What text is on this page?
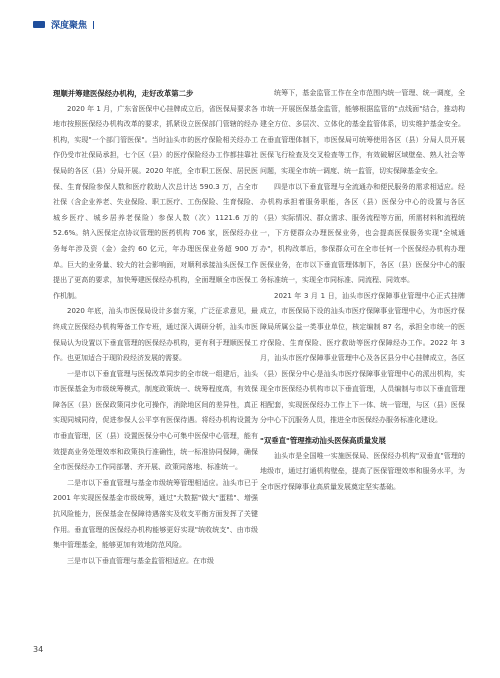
深度聚焦

理顺并筹建医保经办机构，走好改革第二步

2020 年 1 月，广东省医保中心挂牌成立后，省医保局要求各地市按照医保经办机构改革的要求，抓紧设立医保部门管辖的经办机构，实现"一个部门管医保"。当时汕头市的医疗保险相关经办工作仍受市社保局承担，七个区（县）的医疗保险经办工作都挂靠社保局的各区（县）分局开展。2020 年底，全市职工医保、居民医保、生育保险参保人数和医疗救助人次总计达 590.3 万，占全市社保（含企业养老、失业保险、职工医疗、工伤保险、生育保险、城乡医疗、城乡居养老保险）参保人数（次）1121.6 万的 52.6%。纳入医保定点协议管理的医药机构 706 家，医保经办业务每年涉及资（金）金约 60 亿元，年办理医保业务超 900 万单。巨大的业务量、较大的社会影响面，对顺利承接汕头医保工作提出了更高的要求，加快筹建医保经办机构，全面理顺全市医保工作机制。

2020 年底，汕头市医保局设计多套方案，广泛征求意见，最终成立医保经办机构筹备工作专班，通过深入调研分析，汕头市医保局认为设置以下垂直管理的医保经办机构，更有利于理顺医保工作。也更加适合于现阶段经济发展的需要。

一是市以下垂直管理与医保改革同步的全市统一组建后，汕头市医保基金为市级统筹模式，制度政策统一、统筹程度高，有效保障各区（县）医保政策同步化可操作，消除地区间的差异性，真正实现同城同待，促进参保人公平享有医保待遇。将经办机构设置为市垂直管理，区（县）设置医保分中心可集中医保中心管理，能有效提高业务处理效率和政策执行准确性，统一标准协同保障，确保全市医保经办工作同部署、齐开展、政策同落地、标准统一。

二是市以下垂直管理与基金市级统筹管理相适应。汕头市已于 2001 年实现医保基金市级统筹，通过"大数据"做大"蛋糕"、增强抗风险能力，医保基金在保障待遇落实及收支平衡方面发挥了关键作用。垂直管理的医保经办机构能够更好实现"统收统支"、由市级集中管理基金，能够更加有效地防范风险。

三是市以下垂直管理与基金监管相适应。在市级

统筹下，基金监管工作在全市范围内统一管理、统一调度，全市统一开展医保基金监管，能够根据监管的"点线面"结合，推动构建全方位、多层次、立体化的基金监管体系，切实维护基金安全。在垂直管理体制下，市医保局可统筹使用各区（县）分局人员开展医保飞行检查及交叉检查等工作，有效破解区域壁垒、熟人社会等问题，实现全市统一调度、统一监管，切实保障基金安全。

四是市以下垂直管理与全流通办和便民服务的需求相适应。经办机构承担着服务职能，各区（县）医保分中心的设置与各区（县）实际情况、群众需求、服务流程等方面，所需材料和流程统一，下方便群众办理医保业务，也会提高医保服务实现"全城通办"，机构改革后，参保群众可在全市任何一个医保经办机构办理医保业务，在市以下垂直管理体制下，各区（县）医保分中心的服务标准统一，实现全市同标准、同流程、同效率。

2021 年 3 月 1 日，汕头市医疗保障事业管理中心正式挂牌成立，市医保局下设的汕头市医疗保障事业管理中心，为市医疗保障局所属公益一类事业单位，核定编制 87 名，承担全市统一的医疗保险、生育保险、医疗救助等医疗保障经办工作。2022 年 3 月，汕头市医疗保障事业管理中心及各区县分中心挂牌成立，各区（县）医保分中心是汕头市医疗保障事业管理中心的派出机构，实现全市医保经办机构市以下垂直管理，人员编制与市以下垂直管理相配套，实现医保经办工作上下一体、统一管理，与区（县）医保分中心下沉服务人员，推进全市医保经办服务标准化建设。

"双垂直"管理推动汕头医保高质量发展

汕头市是全国唯一实施医保局、医保经办机构"双垂直"管理的地级市，通过打通机构壁垒，提高了医保管理效率和服务水平，为全市医疗保障事业高质量发展奠定坚实基础。

34
